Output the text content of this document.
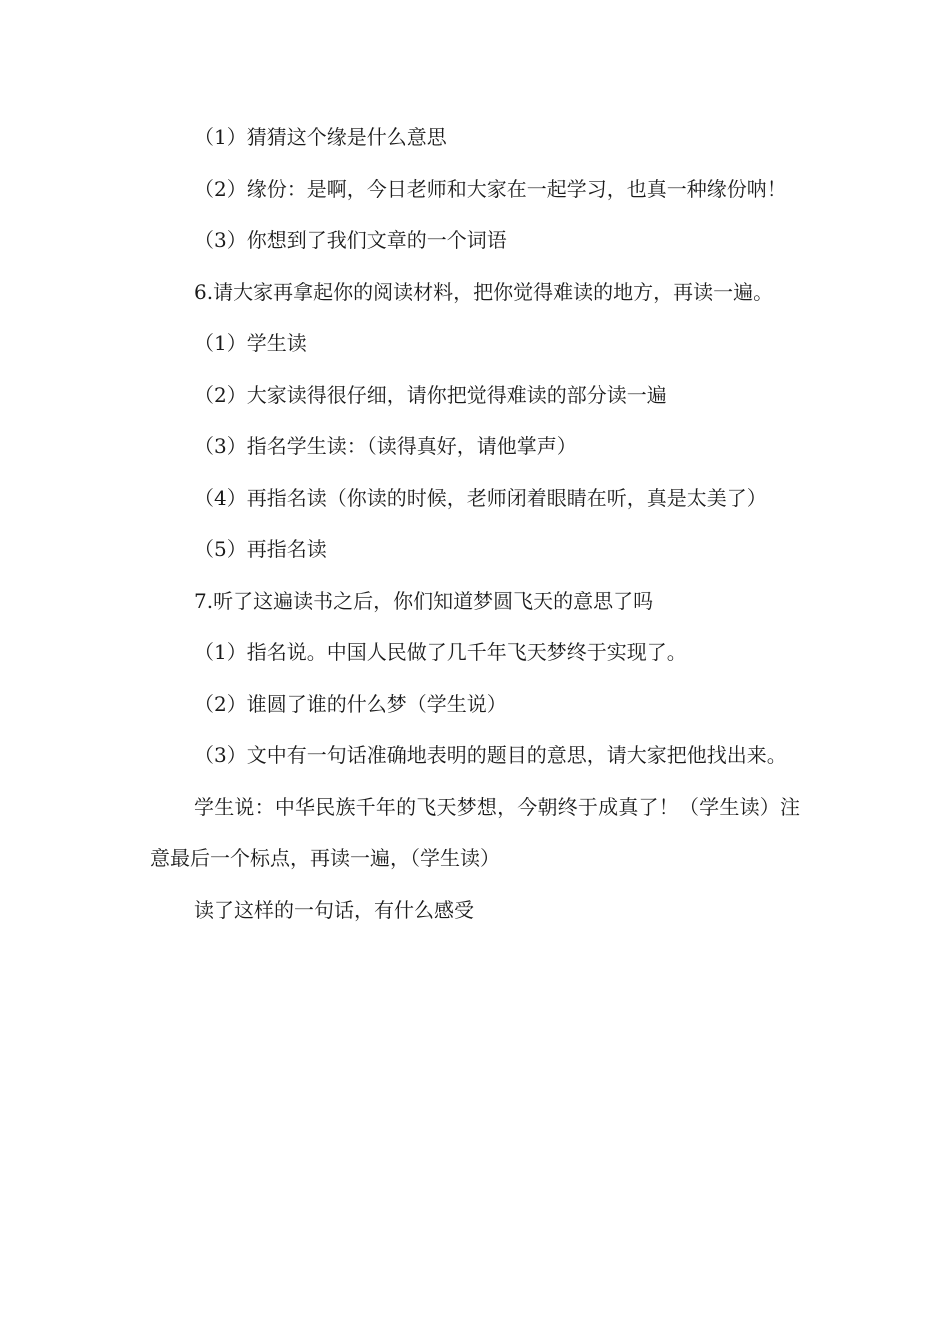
（1）猜猜这个缘是什么意思

（2）缘份：是啊，今日老师和大家在一起学习，也真一种缘份呐！

（3）你想到了我们文章的一个词语

6.请大家再拿起你的阅读材料，把你觉得难读的地方，再读一遍。

（1）学生读

（2）大家读得很仔细，请你把觉得难读的部分读一遍

（3）指名学生读：（读得真好，请他掌声）

（4）再指名读（你读的时候，老师闭着眼睛在听，真是太美了）

（5）再指名读

7.听了这遍读书之后，你们知道梦圆飞天的意思了吗

（1）指名说。中国人民做了几千年飞天梦终于实现了。

（2）谁圆了谁的什么梦（学生说）

（3）文中有一句话准确地表明的题目的意思，请大家把他找出来。

学生说：中华民族千年的飞天梦想，今朝终于成真了！（学生读）注意最后一个标点，再读一遍，（学生读）

读了这样的一句话，有什么感受
